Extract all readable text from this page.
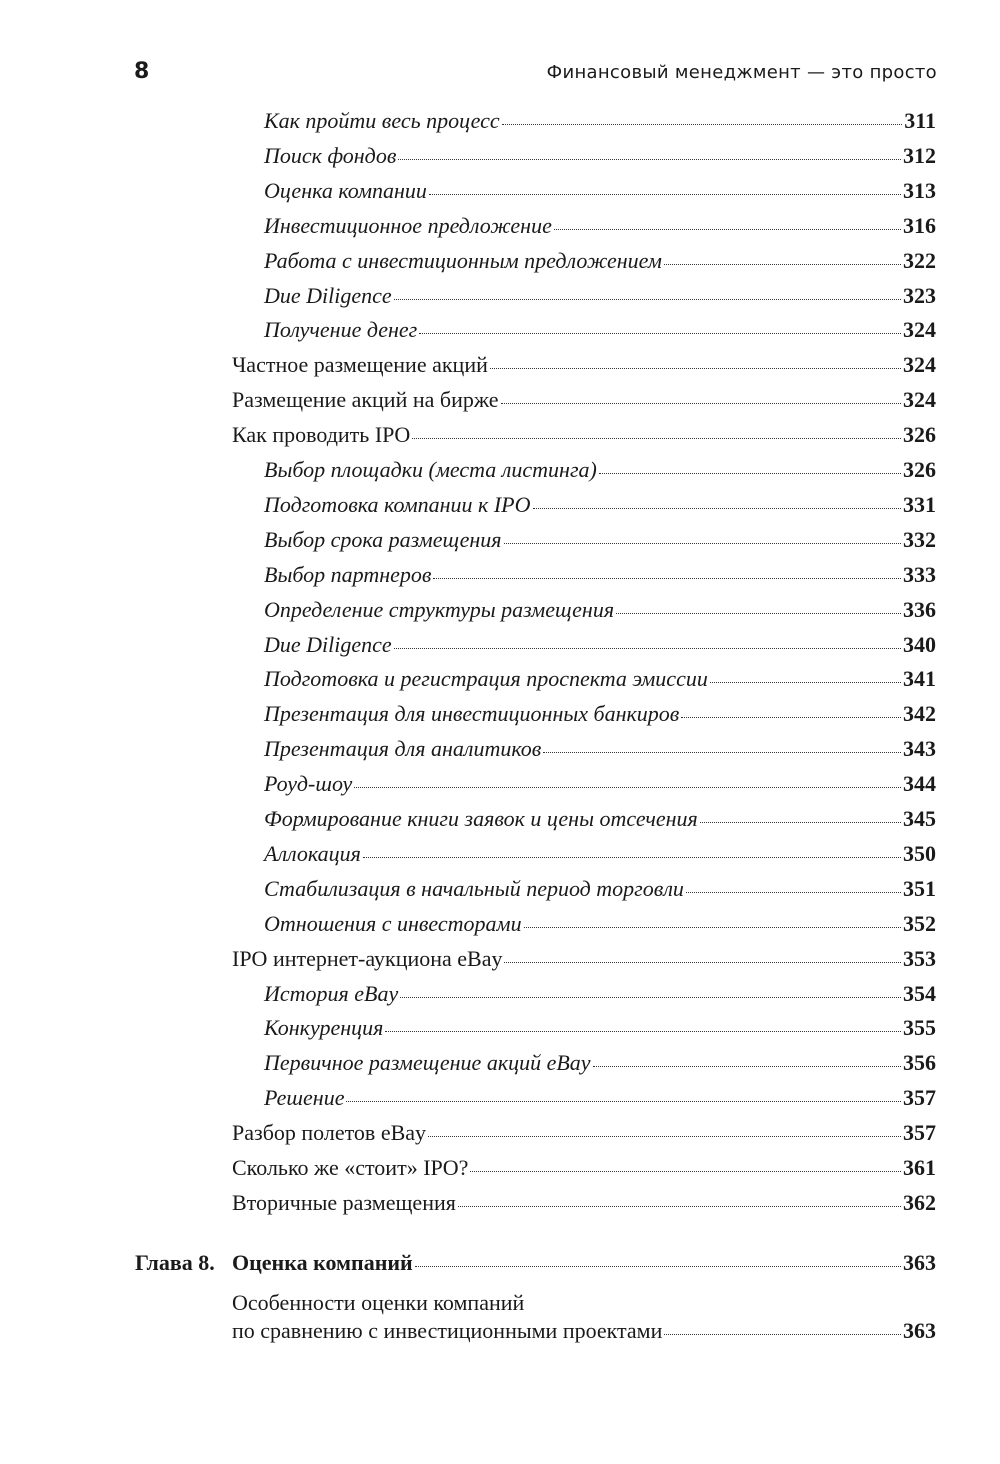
8	Финансовый менеджмент — это просто
Как пройти весь процесс	311
Поиск фондов	312
Оценка компании	313
Инвестиционное предложение	316
Работа с инвестиционным предложением	322
Due Diligence	323
Получение денег	324
Частное размещение акций	324
Размещение акций на бирже	324
Как проводить IPO	326
Выбор площадки (места листинга)	326
Подготовка компании к IPO	331
Выбор срока размещения	332
Выбор партнеров	333
Определение структуры размещения	336
Due Diligence	340
Подготовка и регистрация проспекта эмиссии	341
Презентация для инвестиционных банкиров	342
Презентация для аналитиков	343
Роуд-шоу	344
Формирование книги заявок и цены отсечения	345
Аллокация	350
Стабилизация в начальный период торговли	351
Отношения с инвесторами	352
IPO интернет-аукциона eBay	353
История eBay	354
Конкуренция	355
Первичное размещение акций eBay	356
Решение	357
Разбор полетов eBay	357
Сколько же «стоит» IPO?	361
Вторичные размещения	362
Глава 8. Оценка компаний	363
Особенности оценки компаний
по сравнению с инвестиционными проектами	363
